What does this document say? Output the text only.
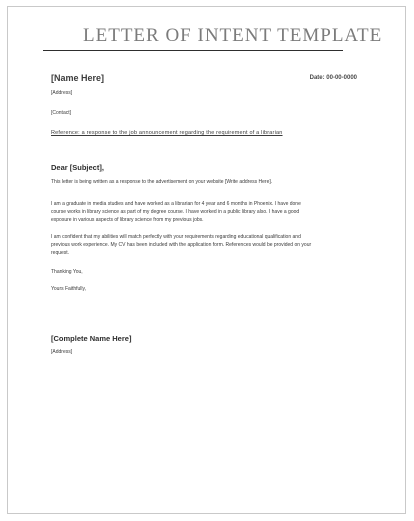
LETTER OF INTENT TEMPLATE
[Name Here]	Date: 00-00-0000
[Address]
[Contact]
Reference: a response to the job announcement regarding the requirement of a librarian
Dear [Subject],
This letter is being written as a response to the advertisement on your website [Write address Here].
I am a graduate in media studies and have worked as a librarian for 4 year and 6 months in Phoenix. I have done
course works in library science as part of my degree course. I have worked in a public library also. I have a good
exposure in various aspects of library science from my previous jobs.
I am confident that my abilities will match perfectly with your requirements regarding educational qualification and
previous work experience. My CV has been included with the application form. References would be provided on your
request.
Thanking You,
Yours Faithfully,
[Complete Name Here]
[Address]
